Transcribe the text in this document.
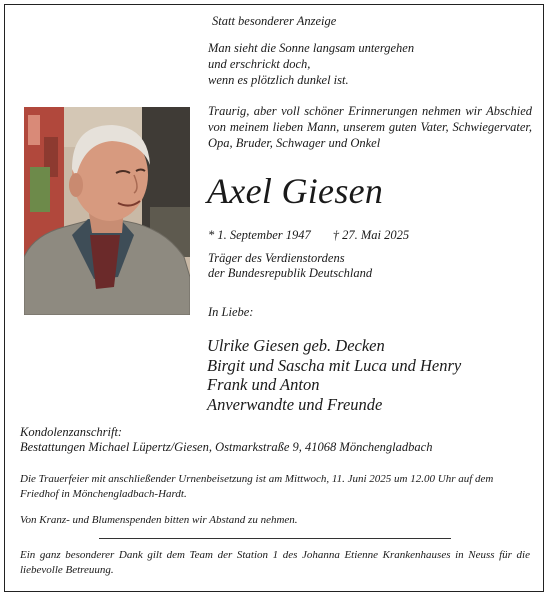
Statt besonderer Anzeige
Man sieht die Sonne langsam untergehen
und erschrickt doch,
wenn es plötzlich dunkel ist.
Traurig, aber voll schöner Erinnerungen nehmen wir Abschied von meinem lieben Mann, unserem guten Vater, Schwiegervater, Opa, Bruder, Schwager und Onkel
Axel Giesen
* 1. September 1947 † 27. Mai 2025
Träger des Verdienstordens
der Bundesrepublik Deutschland
In Liebe:
Ulrike Giesen geb. Decken
Birgit und Sascha mit Luca und Henry
Frank und Anton
Anverwandte und Freunde
Kondolenzanschrift:
Bestattungen Michael Lüpertz/Giesen, Ostmarkstraße 9, 41068 Mönchengladbach
Die Trauerfeier mit anschließender Urnenbeisetzung ist am Mittwoch, 11. Juni 2025 um 12.00 Uhr auf dem Friedhof in Mönchengladbach-Hardt.
Von Kranz- und Blumenspenden bitten wir Abstand zu nehmen.
Ein ganz besonderer Dank gilt dem Team der Station 1 des Johanna Etienne Krankenhauses in Neuss für die liebevolle Betreuung.
